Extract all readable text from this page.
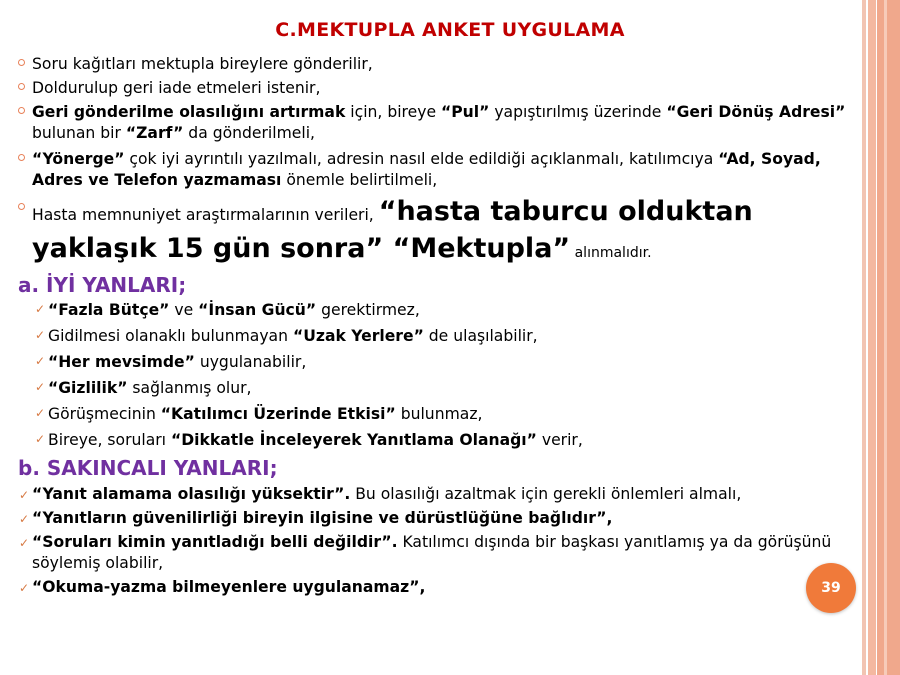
C.MEKTUPLA ANKET UYGULAMA
Soru kağıtları mektupla bireylere gönderilir,
Doldurulup geri iade etmeleri istenir,
Geri gönderilme olasılığını artırmak için, bireye “Pul” yapıştırılmış üzerinde “Geri Dönüş Adresi” bulunan bir “Zarf” da gönderilmeli,
“Yönerge” çok iyi ayrıntılı yazılmalı, adresin nasıl elde edildiği açıklanmalı, katılımcıya “Ad, Soyad, Adres ve Telefon yazmaması önemle belirtilmeli,
Hasta memnuniyet araştırmalarının verileri, “hasta taburcu olduktan yaklaşık 15 gün sonra” “Mektupla” alınmalıdır.
a. İYİ YANLARI;
✓ “Fazla Bütçe” ve “İnsan Gücü” gerektirmez,
✓ Gidilmesi olanaklı bulunmayan “Uzak Yerlere” de ulaşılabilir,
✓ “Her mevsimde” uygulanabilir,
✓ “Gizlilik” sağlanmış olur,
✓ Görüşmecinin “Katılımcı Üzerinde Etkisi” bulunmaz,
✓ Bireye, soruları “Dikkatle İnceleyerek Yanıtlama Olanağı” verir,
b. SAKINCALI YANLARI;
✓ “Yanıt alamama olasılığı yüksektir”. Bu olasılığı azaltmak için gerekli önlemleri almalı,
✓ “Yanıtların güvenilirliği bireyin ilgisine ve dürüstlüğüne bağlıdır”,
✓ “Soruları kimin yanıtladığı belli değildir”. Katılımcı dışında bir başkası yanıtlamış ya da görüşünü söylemiş olabilir,
✓ “Okuma-yazma bilmeyenlere uygulanamaz”,	39
